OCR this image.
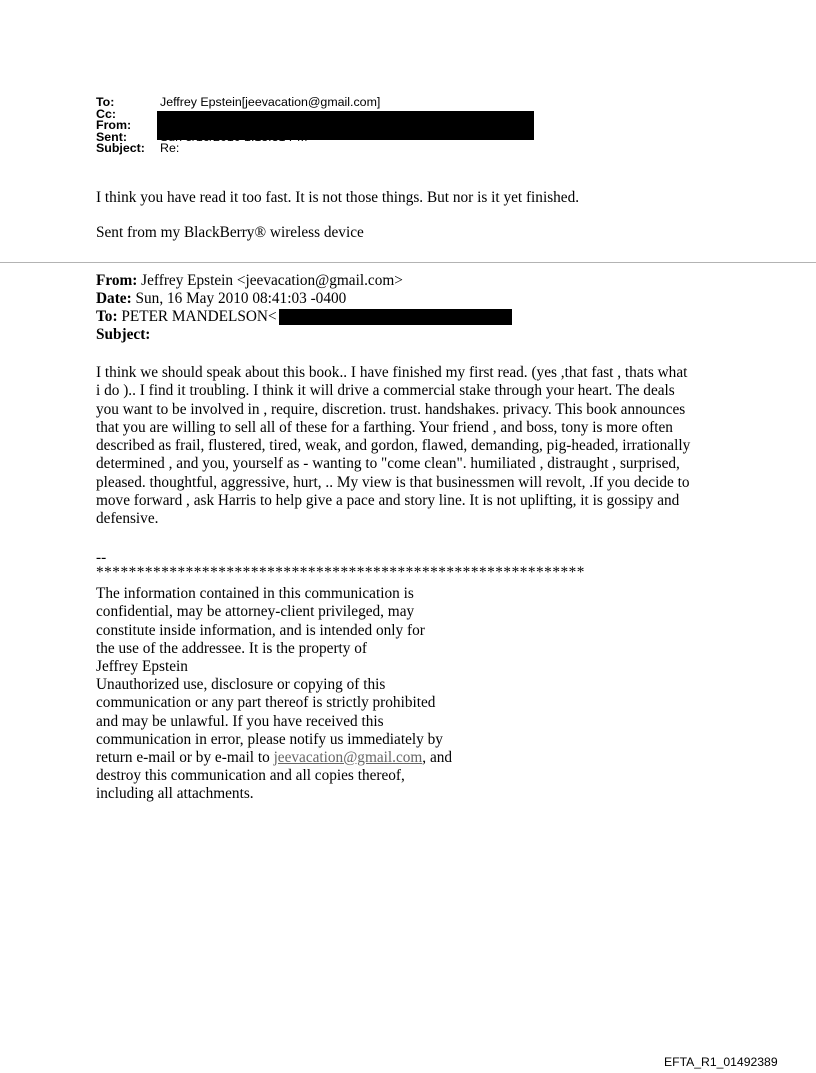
To:	Jeffrey Epstein[jeevacation@gmail.com]
Cc:
From:
Sent:
Subject:	Re:
I think you have read it too fast. It is not those things. But nor is it yet finished.
Sent from my BlackBerry® wireless device
From: Jeffrey Epstein <jeevacation@gmail.com>
Date: Sun, 16 May 2010 08:41:03 -0400
To: PETER MANDELSON<
Subject:
I think we should speak about this book.. I have finished my first read. (yes ,that fast , thats what
i do ).. I find it troubling. I think it will drive a commercial stake through your heart. The deals
you want to be involved in , require, discretion. trust. handshakes. privacy. This book announces
that you are willing to sell all of these for a farthing. Your friend , and boss, tony is more often
described as frail, flustered, tired, weak, and gordon, flawed, demanding, pig-headed, irrationally
determined , and you, yourself as - wanting to "come clean". humiliated , distraught , surprised,
pleased. thoughtful, aggressive, hurt, .. My view is that businessmen will revolt, .If you decide to
move forward , ask Harris to help give a pace and story line. It is not uplifting, it is gossipy and
defensive.
--
************************************************************
The information contained in this communication is
confidential, may be attorney-client privileged, may
constitute inside information, and is intended only for
the use of the addressee. It is the property of
Jeffrey Epstein
Unauthorized use, disclosure or copying of this
communication or any part thereof is strictly prohibited
and may be unlawful. If you have received this
communication in error, please notify us immediately by
return e-mail or by e-mail to jeevacation@gmail.com, and
destroy this communication and all copies thereof,
including all attachments.
EFTA_R1_01492389
